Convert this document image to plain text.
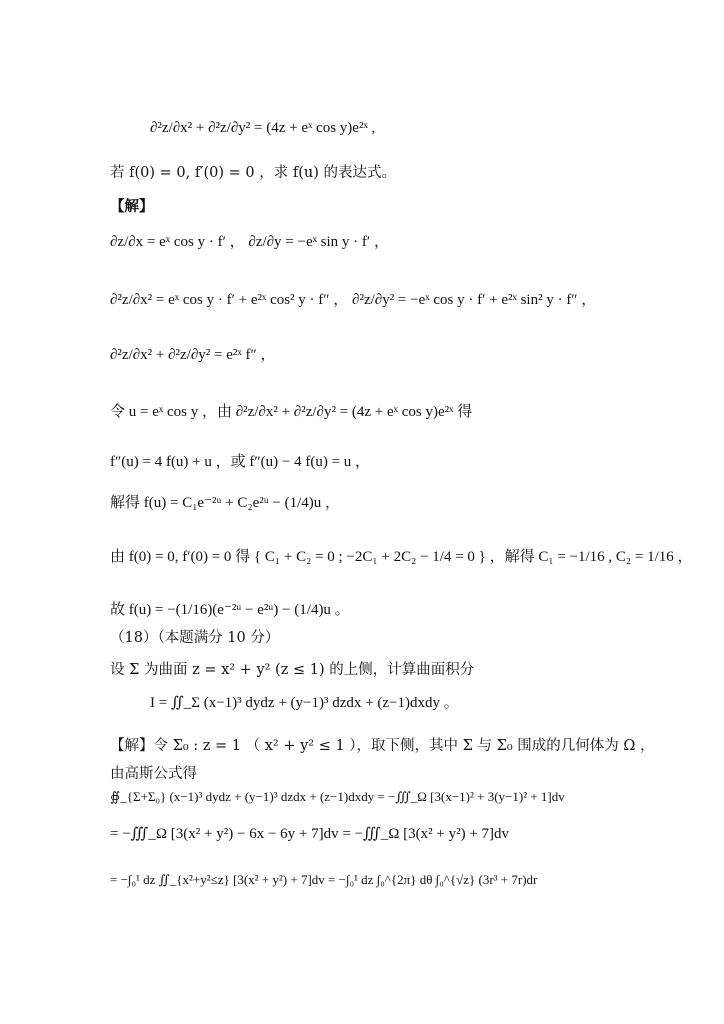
∂²z/∂x² + ∂²z/∂y² = (4z + eˣ cos y)e²ˣ ,
若 f(0) = 0, f′(0) = 0 ，求 f(u) 的表达式。
【解】
∂z/∂x = eˣ cos y · f′ ， ∂z/∂y = −eˣ sin y · f′ ，
∂²z/∂x² = eˣ cos y · f′ + e²ˣ cos² y · f″ ， ∂²z/∂y² = −eˣ cos y · f′ + e²ˣ sin² y · f″ ，
∂²z/∂x² + ∂²z/∂y² = e²ˣ f″ ，
令 u = eˣ cos y ，由 ∂²z/∂x² + ∂²z/∂y² = (4z + eˣ cos y)e²ˣ 得
f″(u) = 4 f(u) + u ，或 f″(u) − 4 f(u) = u ，
解得 f(u) = C₁e⁻²ᵘ + C₂e²ᵘ − (1/4)u ，
由 f(0) = 0, f′(0) = 0 得 { C₁ + C₂ = 0 ; −2C₁ + 2C₂ − 1/4 = 0 } ，解得 C₁ = −1/16 , C₂ = 1/16 ，
故 f(u) = −(1/16)(e⁻²ᵘ − e²ᵘ) − (1/4)u 。
（18）（本题满分 10 分）
设 Σ 为曲面 z = x² + y² (z ≤ 1) 的上侧，计算曲面积分
I = ∬_Σ (x−1)³ dydz + (y−1)³ dzdx + (z−1)dxdy 。
【解】令 Σ₀ : z = 1 （ x² + y² ≤ 1 ），取下侧，其中 Σ 与 Σ₀ 围成的几何体为 Ω ，
由高斯公式得
∯_{Σ+Σ₀} (x−1)³ dydz + (y−1)³ dzdx + (z−1)dxdy = −∭_Ω [3(x−1)² + 3(y−1)² + 1]dv
= −∭_Ω [3(x² + y²) − 6x − 6y + 7]dv = −∭_Ω [3(x² + y²) + 7]dv
= −∫₀¹ dz ∬_{x²+y²≤z} [3(x² + y²) + 7]dv = −∫₀¹ dz ∫₀^{2π} dθ ∫₀^{√z} (3r³ + 7r)dr
